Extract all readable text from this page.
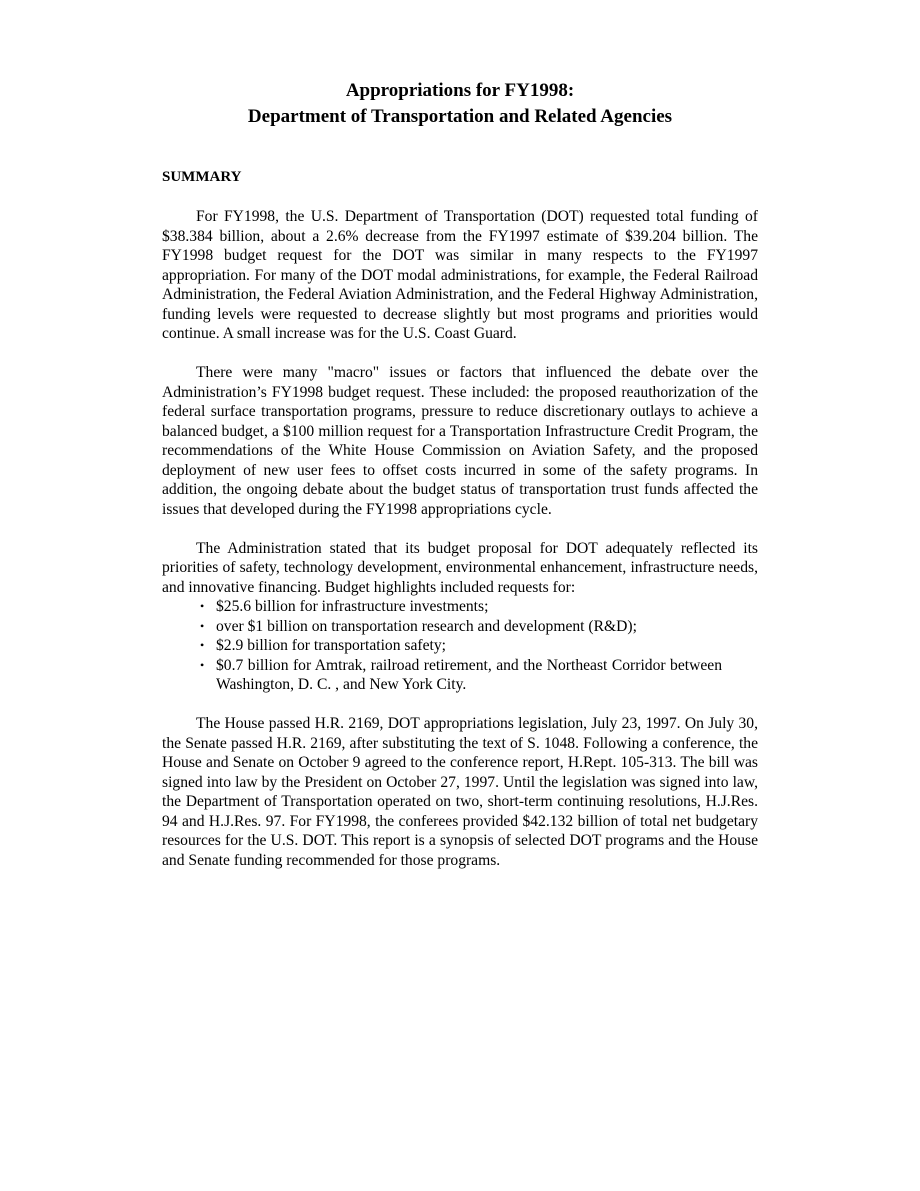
Appropriations for FY1998:
Department of Transportation and Related Agencies
SUMMARY

For FY1998, the U.S. Department of Transportation (DOT) requested total funding of $38.384 billion, about a 2.6% decrease from the FY1997 estimate of $39.204 billion. The FY1998 budget request for the DOT was similar in many respects to the FY1997 appropriation. For many of the DOT modal administrations, for example, the Federal Railroad Administration, the Federal Aviation Administration, and the Federal Highway Administration, funding levels were requested to decrease slightly but most programs and priorities would continue. A small increase was for the U.S. Coast Guard.

There were many "macro" issues or factors that influenced the debate over the Administration’s FY1998 budget request. These included: the proposed reauthorization of the federal surface transportation programs, pressure to reduce discretionary outlays to achieve a balanced budget, a $100 million request for a Transportation Infrastructure Credit Program, the recommendations of the White House Commission on Aviation Safety, and the proposed deployment of new user fees to offset costs incurred in some of the safety programs. In addition, the ongoing debate about the budget status of transportation trust funds affected the issues that developed during the FY1998 appropriations cycle.

The Administration stated that its budget proposal for DOT adequately reflected its priorities of safety, technology development, environmental enhancement, infrastructure needs, and innovative financing. Budget highlights included requests for:

• $25.6 billion for infrastructure investments;
• over $1 billion on transportation research and development (R&D);
• $2.9 billion for transportation safety;
• $0.7 billion for Amtrak, railroad retirement, and the Northeast Corridor between Washington, D. C. , and New York City.

The House passed H.R. 2169, DOT appropriations legislation, July 23, 1997. On July 30, the Senate passed H.R. 2169, after substituting the text of S. 1048. Following a conference, the House and Senate on October 9 agreed to the conference report, H.Rept. 105-313. The bill was signed into law by the President on October 27, 1997. Until the legislation was signed into law, the Department of Transportation operated on two, short-term continuing resolutions, H.J.Res. 94 and H.J.Res. 97. For FY1998, the conferees provided $42.132 billion of total net budgetary resources for the U.S. DOT. This report is a synopsis of selected DOT programs and the House and Senate funding recommended for those programs.
